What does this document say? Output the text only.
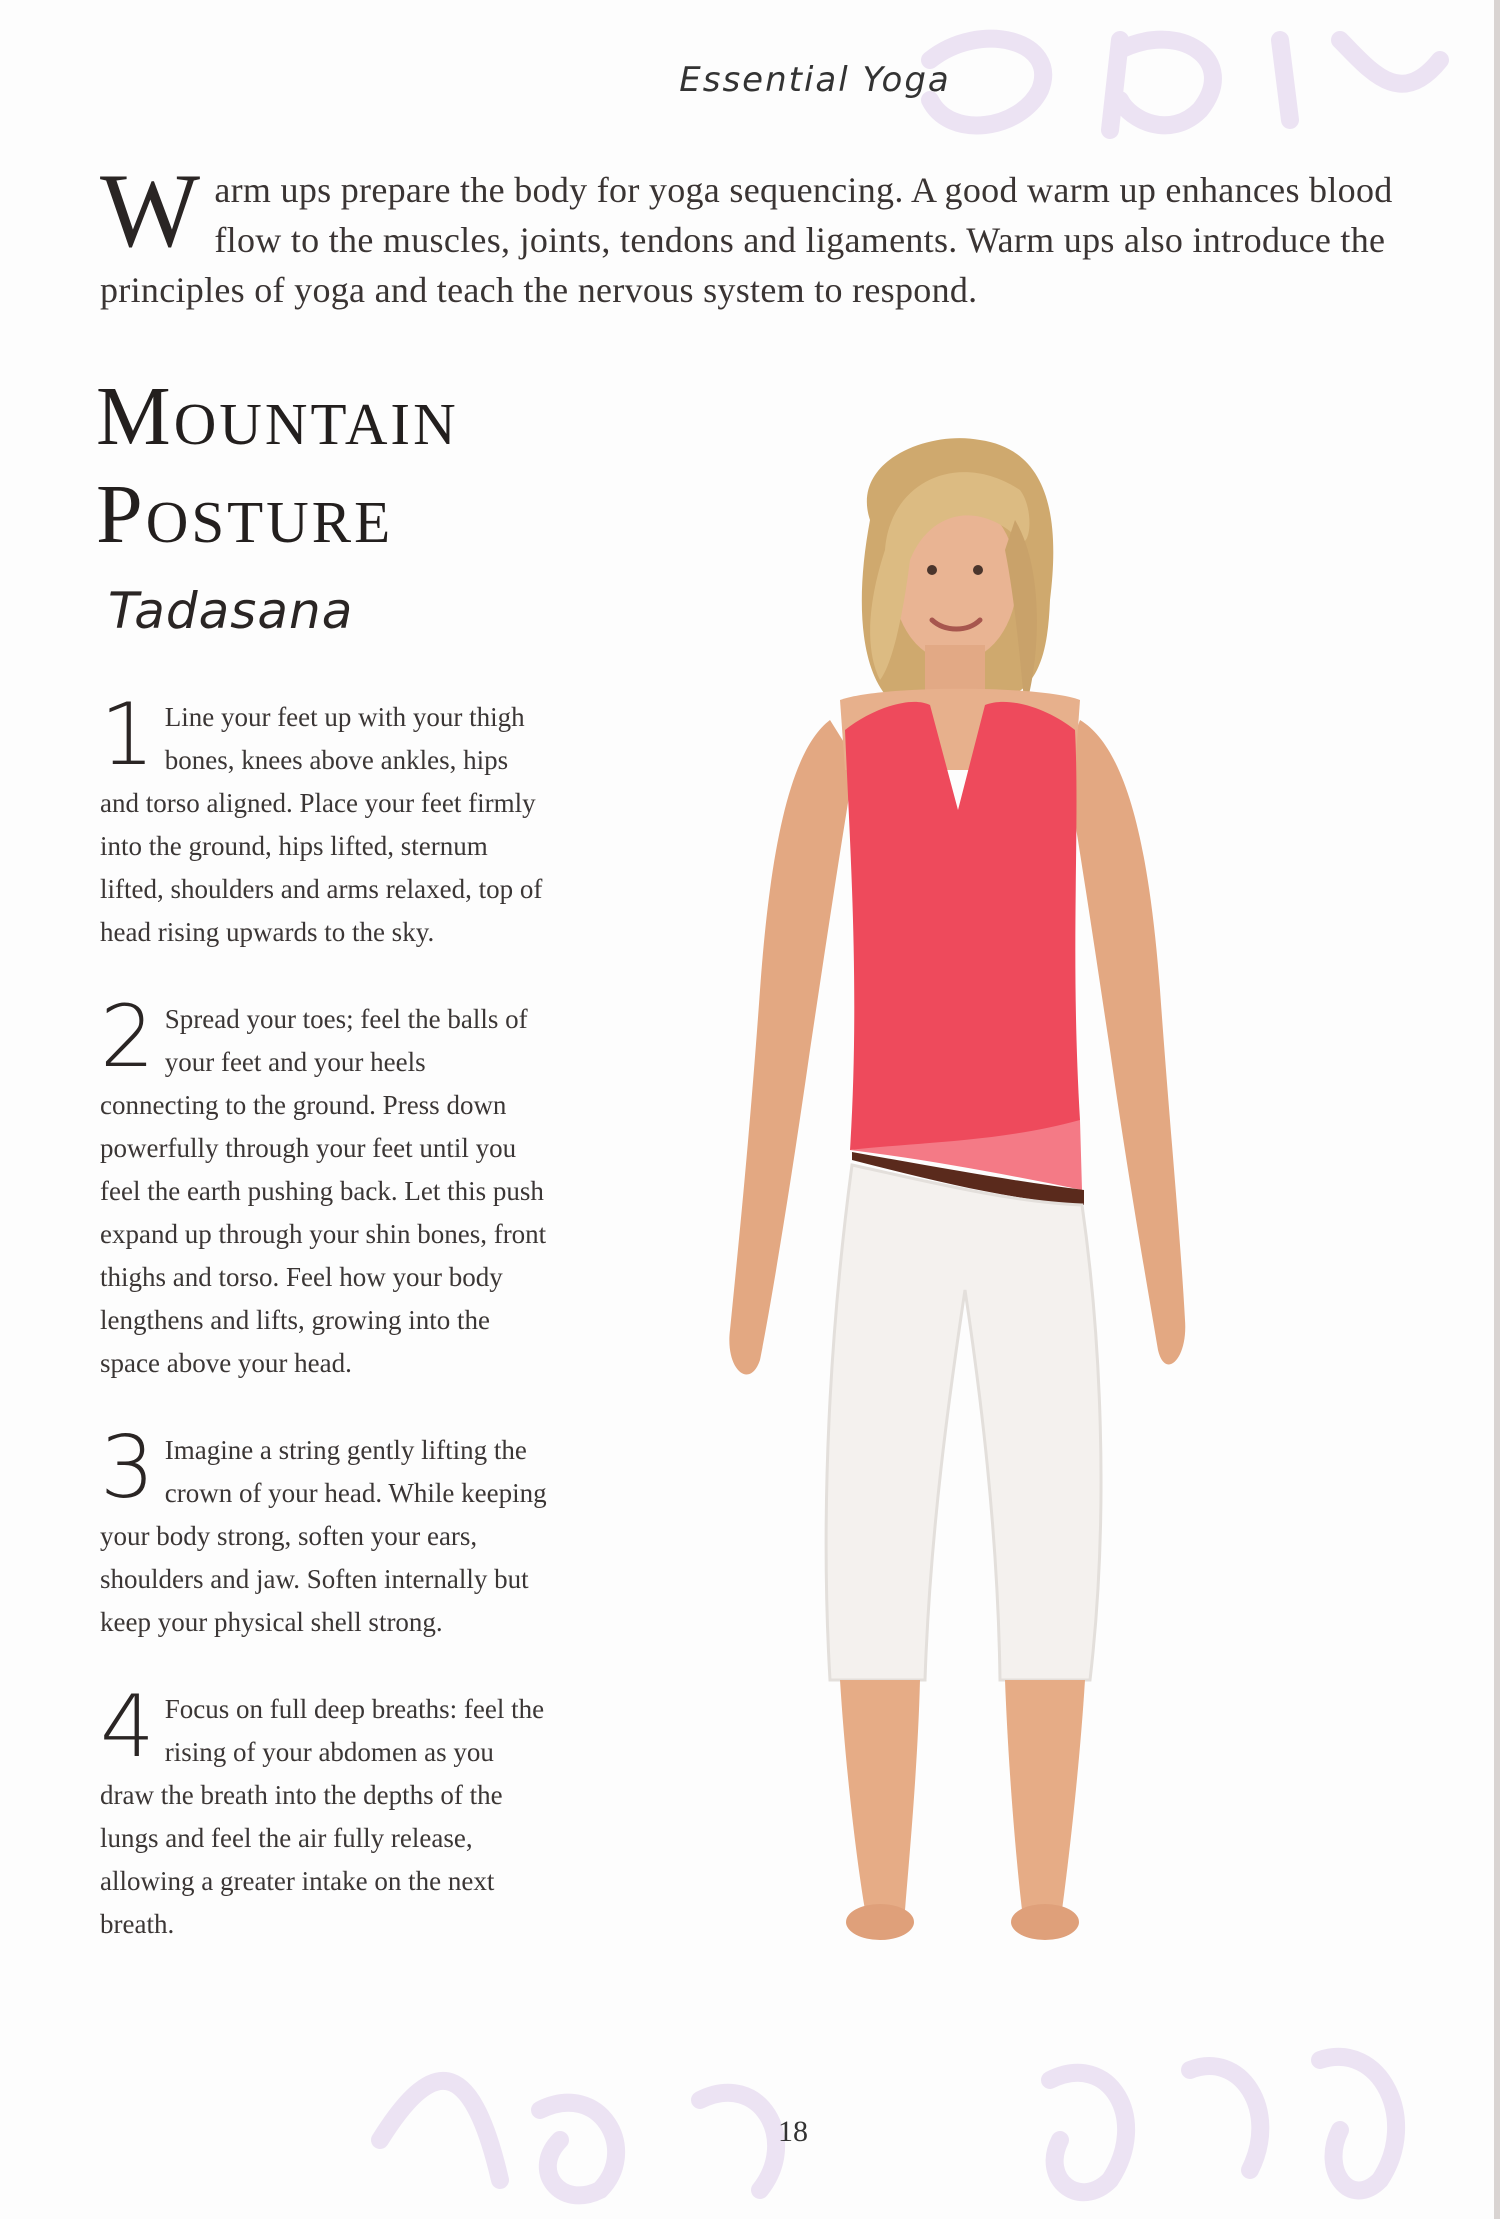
Essential Yoga
Warm ups prepare the body for yoga sequencing. A good warm up enhances blood flow to the muscles, joints, tendons and ligaments. Warm ups also introduce the principles of yoga and teach the nervous system to respond.
Mountain
Posture
Tadasana
1 Line your feet up with your thigh bones, knees above ankles, hips and torso aligned. Place your feet firmly into the ground, hips lifted, sternum lifted, shoulders and arms relaxed, top of head rising upwards to the sky.
2 Spread your toes; feel the balls of your feet and your heels connecting to the ground. Press down powerfully through your feet until you feel the earth pushing back. Let this push expand up through your shin bones, front thighs and torso. Feel how your body lengthens and lifts, growing into the space above your head.
3 Imagine a string gently lifting the crown of your head. While keeping your body strong, soften your ears, shoulders and jaw. Soften internally but keep your physical shell strong.
4 Focus on full deep breaths: feel the rising of your abdomen as you draw the breath into the depths of the lungs and feel the air fully release, allowing a greater intake on the next breath.
18
